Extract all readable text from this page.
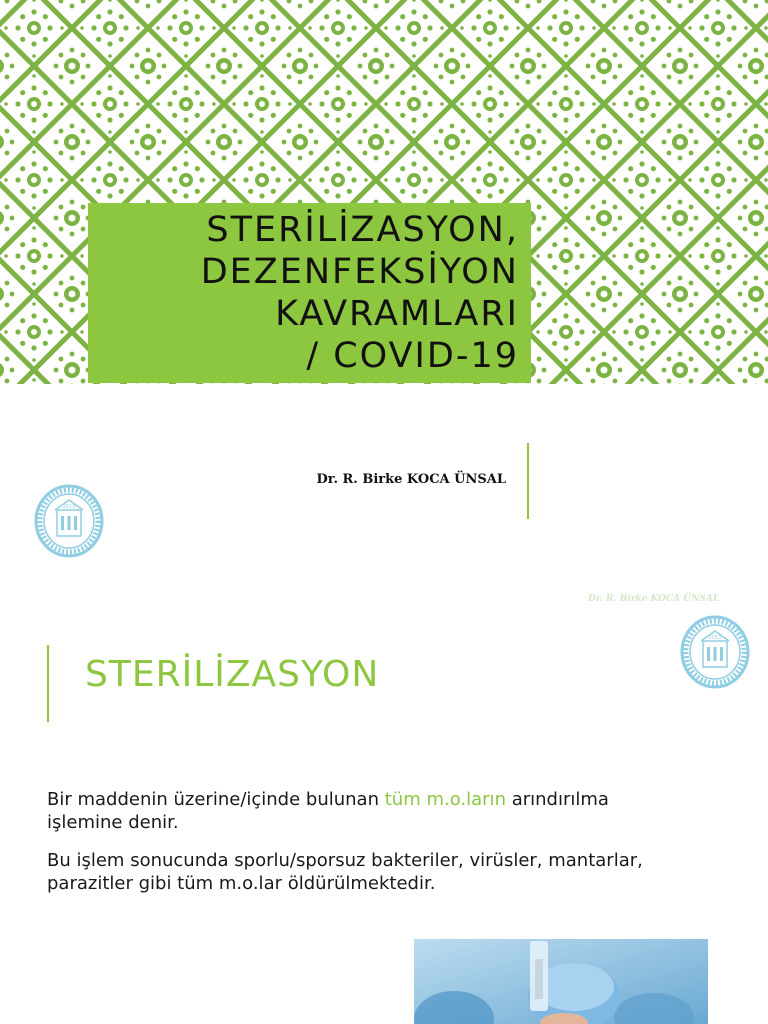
STERİLİZASYON,
DEZENFEKSİYON
KAVRAMLARI
/ COVID-19
Dr. R. Birke KOCA ÜNSAL
2013
Dr. R. Birke KOCA ÜNSAL
2013
STERİLİZASYON
Bir maddenin üzerine/içinde bulunan tüm m.o.ların arındırılma
işlemine denir.
Bu işlem sonucunda sporlu/sporsuz bakteriler, virüsler, mantarlar,
parazitler gibi tüm m.o.lar öldürülmektedir.
